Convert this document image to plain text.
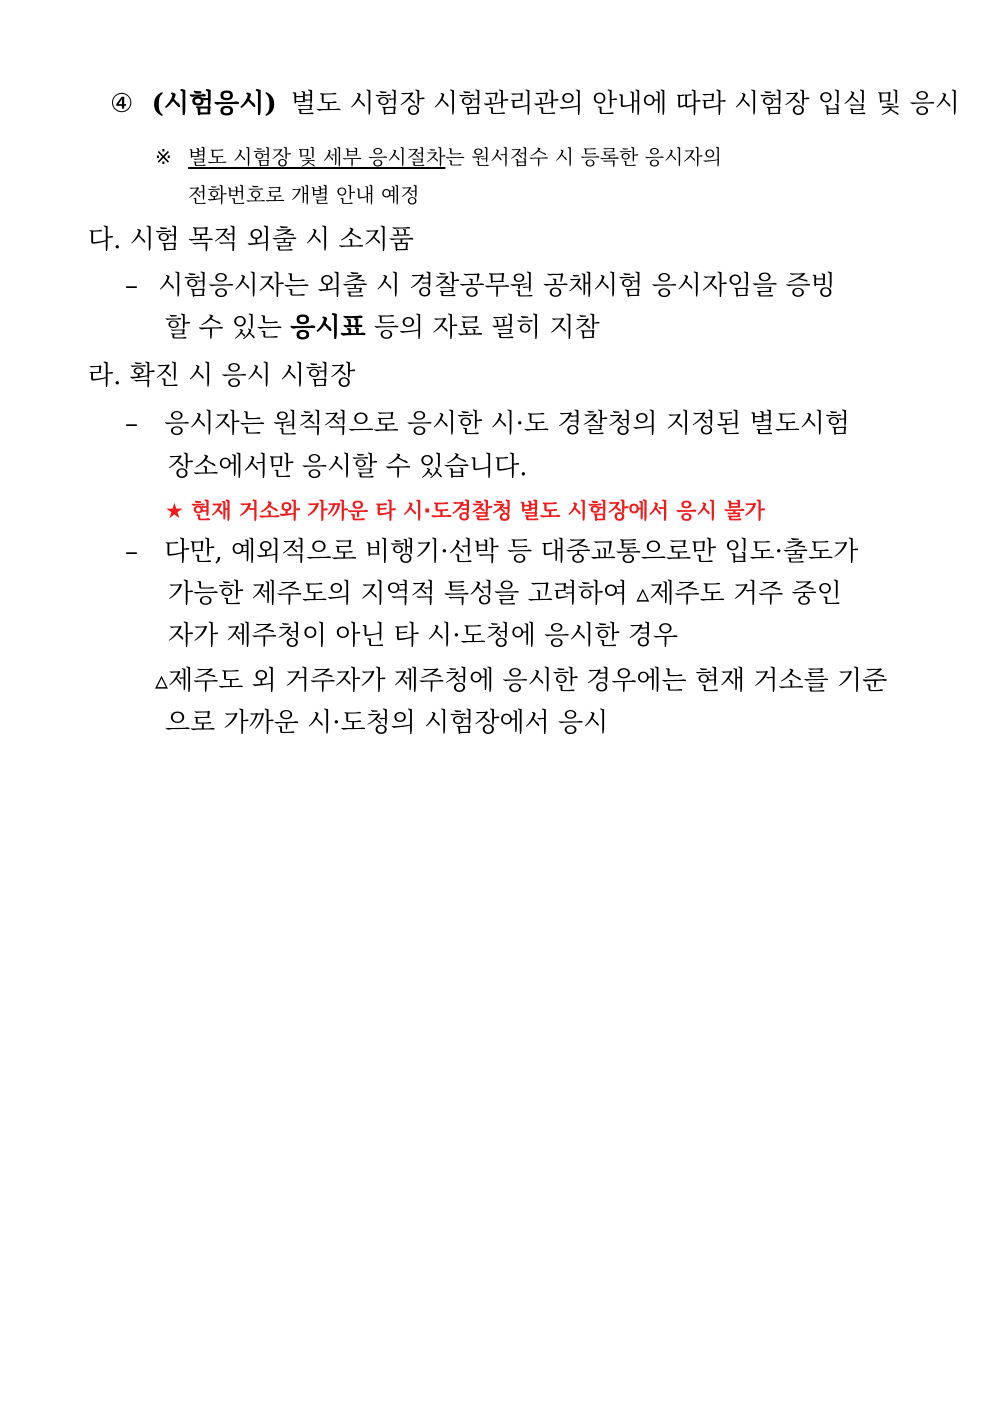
④ (시험응시) 별도 시험장 시험관리관의 안내에 따라 시험장 입실 및 응시
※ 별도 시험장 및 세부 응시절차는 원서접수 시 등록한 응시자의
전화번호로 개별 안내 예정
다. 시험 목적 외출 시 소지품
– 시험응시자는 외출 시 경찰공무원 공채시험 응시자임을 증빙
할 수 있는 응시표 등의 자료 필히 지참
라. 확진 시 응시 시험장
– 응시자는 원칙적으로 응시한 시·도 경찰청의 지정된 별도시험
장소에서만 응시할 수 있습니다.
★ 현재 거소와 가까운 타 시·도경찰청 별도 시험장에서 응시 불가
– 다만, 예외적으로 비행기·선박 등 대중교통으로만 입도·출도가
가능한 제주도의 지역적 특성을 고려하여 ▵제주도 거주 중인
자가 제주청이 아닌 타 시·도청에 응시한 경우
▵제주도 외 거주자가 제주청에 응시한 경우에는 현재 거소를 기준
으로 가까운 시·도청의 시험장에서 응시
